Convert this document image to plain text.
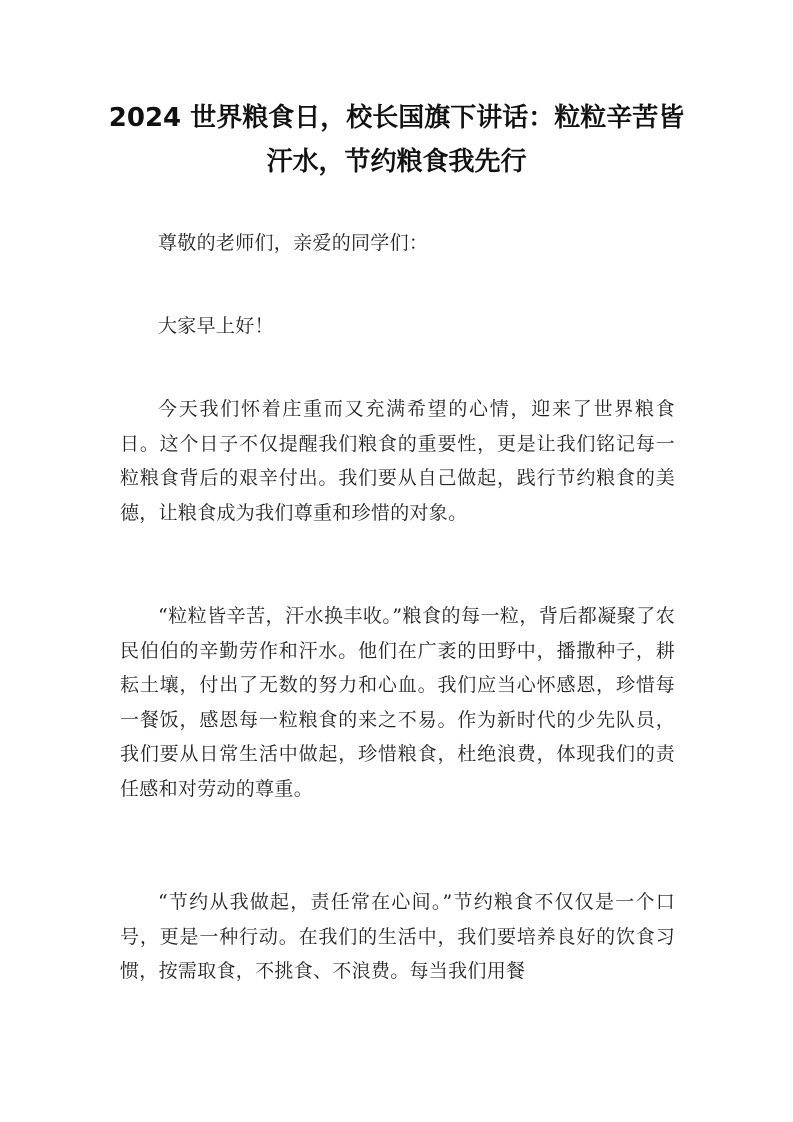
2024 世界粮食日，校长国旗下讲话：粒粒辛苦皆汗水，节约粮食我先行

尊敬的老师们，亲爱的同学们：

大家早上好！

今天我们怀着庄重而又充满希望的心情，迎来了世界粮食日。这个日子不仅提醒我们粮食的重要性，更是让我们铭记每一粒粮食背后的艰辛付出。我们要从自己做起，践行节约粮食的美德，让粮食成为我们尊重和珍惜的对象。

“粒粒皆辛苦，汗水换丰收。”粮食的每一粒，背后都凝聚了农民伯伯的辛勤劳作和汗水。他们在广袤的田野中，播撒种子，耕耘土壤，付出了无数的努力和心血。我们应当心怀感恩，珍惜每一餐饭，感恩每一粒粮食的来之不易。作为新时代的少先队员，我们要从日常生活中做起，珍惜粮食，杜绝浪费，体现我们的责任感和对劳动的尊重。

“节约从我做起，责任常在心间。”节约粮食不仅仅是一个口号，更是一种行动。在我们的生活中，我们要培养良好的饮食习惯，按需取食，不挑食、不浪费。每当我们用餐
